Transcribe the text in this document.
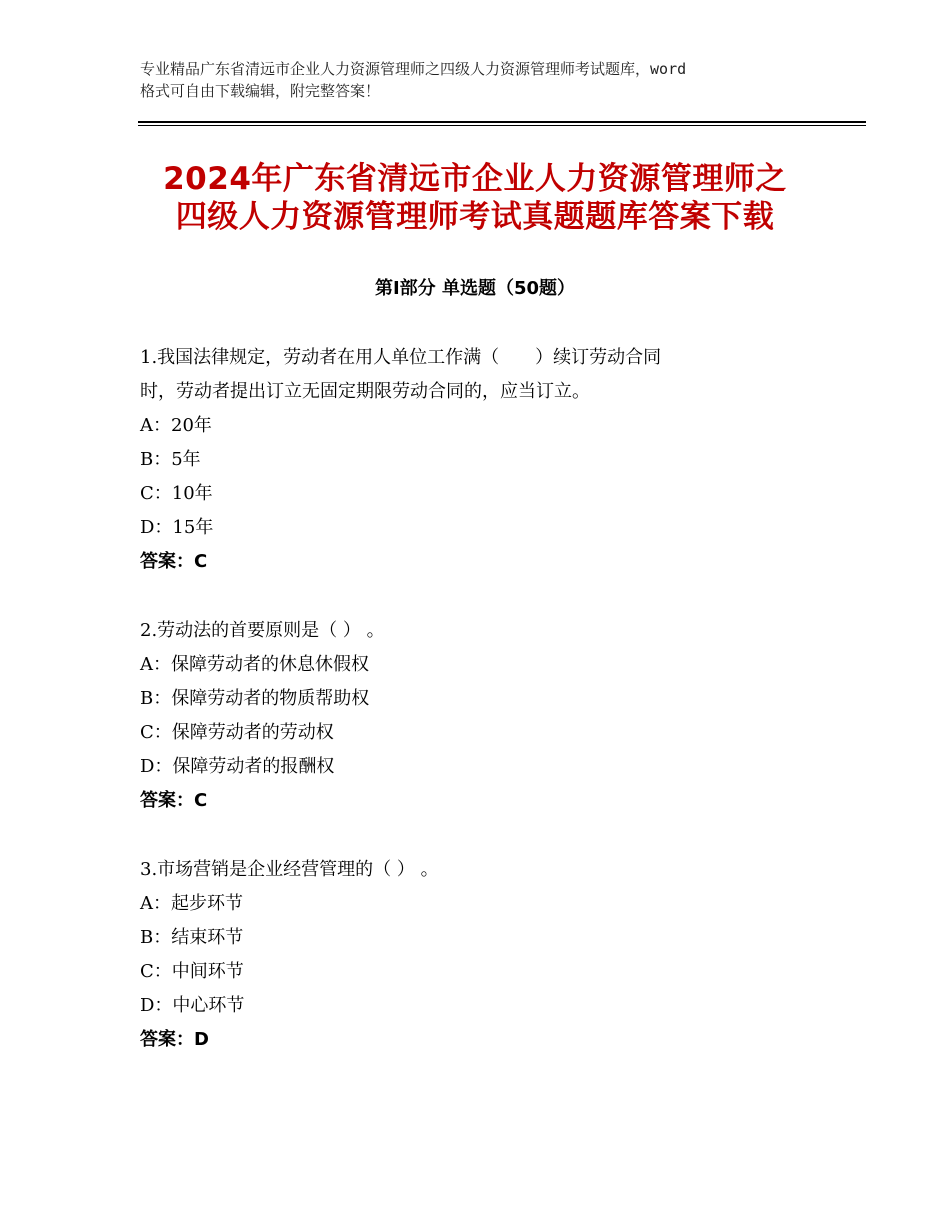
专业精品广东省清远市企业人力资源管理师之四级人力资源管理师考试题库，word
格式可自由下载编辑，附完整答案！
2024年广东省清远市企业人力资源管理师之
四级人力资源管理师考试真题题库答案下载
第Ⅰ部分 单选题（50题）
1.我国法律规定，劳动者在用人单位工作满（　　）续订劳动合同
时，劳动者提出订立无固定期限劳动合同的，应当订立。
A：20年
B：5年
C：10年
D：15年
答案：C
2.劳动法的首要原则是（ ） 。
A：保障劳动者的休息休假权
B：保障劳动者的物质帮助权
C：保障劳动者的劳动权
D：保障劳动者的报酬权
答案：C
3.市场营销是企业经营管理的（ ） 。
A：起步环节
B：结束环节
C：中间环节
D：中心环节
答案：D
